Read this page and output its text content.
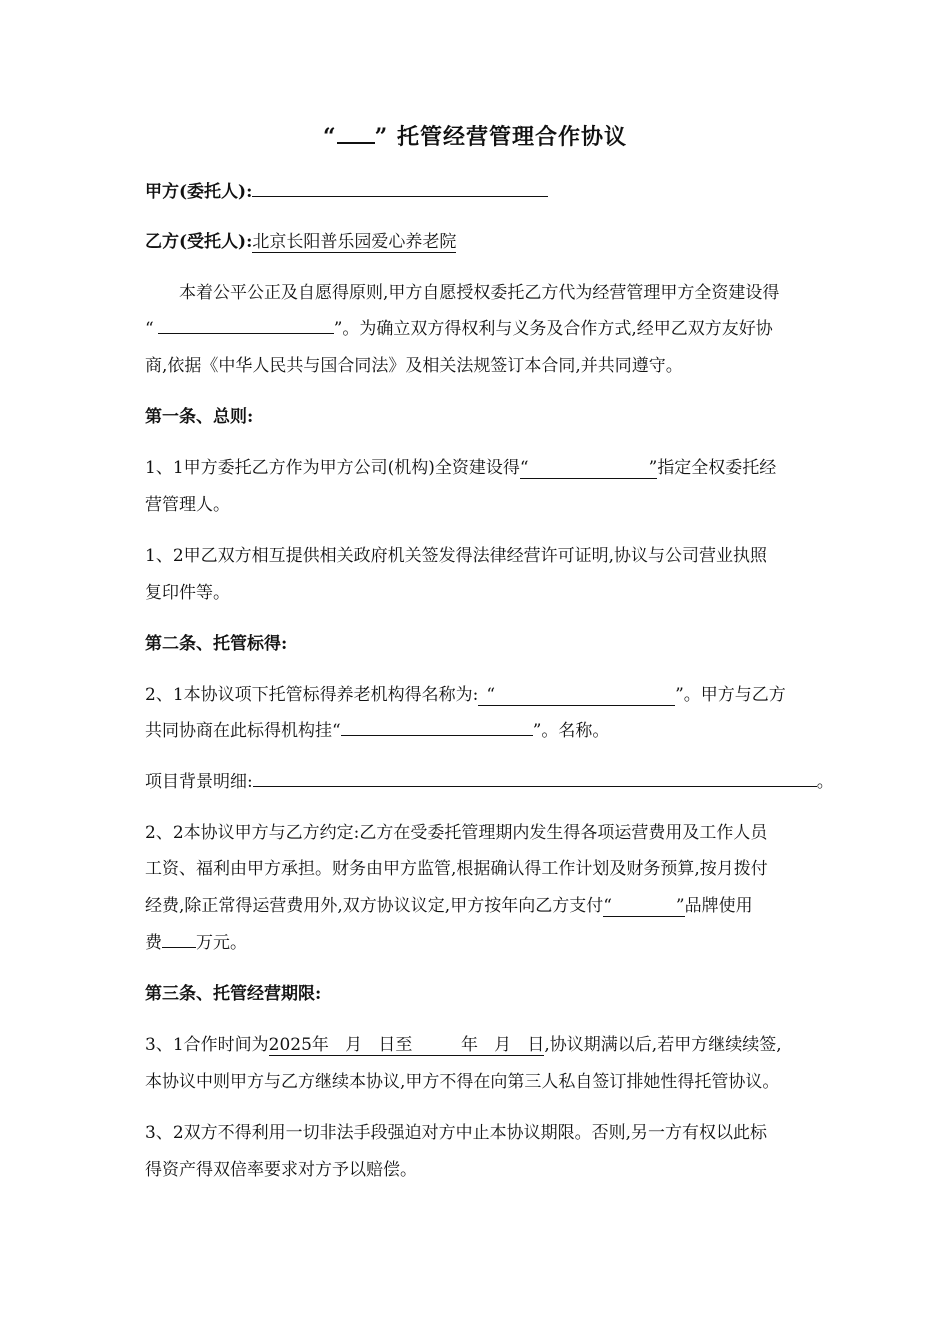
“ ” 托管经营管理合作协议
甲方(委托人):
乙方(受托人):北京长阳普乐园爱心养老院
本着公平公正及自愿得原则,甲方自愿授权委托乙方代为经营管理甲方全资建设得
“	”。为确立双方得权利与义务及合作方式,经甲乙双方友好协
商,依据《中华人民共与国合同法》及相关法规签订本合同,并共同遵守。
第一条、总则:
1、1甲方委托乙方作为甲方公司(机构)全资建设得“	”指定全权委托经
营管理人。
1、2甲乙双方相互提供相关政府机关签发得法律经营许可证明,协议与公司营业执照
复印件等。
第二条、托管标得:
2、1本协议项下托管标得养老机构得名称为: “	”。甲方与乙方
共同协商在此标得机构挂“	”。名称。
项目背景明细:	。
2、2本协议甲方与乙方约定:乙方在受委托管理期内发生得各项运营费用及工作人员
工资、福利由甲方承担。财务由甲方监管,根据确认得工作计划及财务预算,按月拨付
经费,除正常得运营费用外,双方协议议定,甲方按年向乙方支付“	”品牌使用
费 万元。
第三条、托管经营期限:
3、1合作时间为2025年   月   日至         年   月   日,协议期满以后,若甲方继续续签,
本协议中则甲方与乙方继续本协议,甲方不得在向第三人私自签订排她性得托管协议。
3、2双方不得利用一切非法手段强迫对方中止本协议期限。否则,另一方有权以此标
得资产得双倍率要求对方予以赔偿。
